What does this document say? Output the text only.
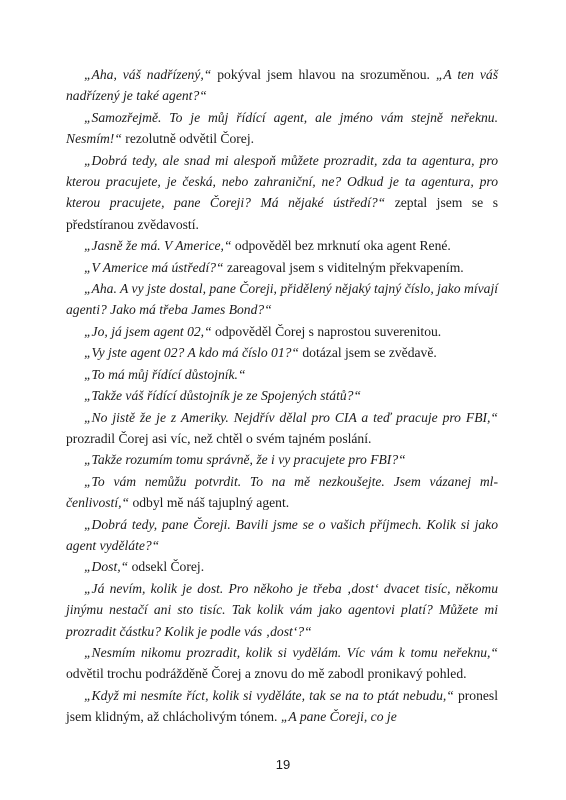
„Aha, váš nadřízený,“ pokýval jsem hlavou na srozuměnou. „A ten váš nadřízený je také agent?“

„Samozřejmě. To je můj řídící agent, ale jméno vám stejně neřeknu. Nesmím!“ rezolutně odvětil Čorej.

„Dobrá tedy, ale snad mi alespoň můžete prozradit, zda ta agentura, pro kterou pracujete, je česká, nebo zahraniční, ne? Odkud je ta agentura, pro kterou pracujete, pane Čoreji? Má nějaké ústředí?“ zeptal jsem se s předstíranou zvědavostí.

„Jasně že má. V Americe,“ odpověděl bez mrknutí oka agent René.

„V Americe má ústředí?“ zareagoval jsem s viditelným překvapením.

„Aha. A vy jste dostal, pane Čoreji, přidělený nějaký tajný číslo, jako mívají agenti? Jako má třeba James Bond?“

„Jo, já jsem agent 02,“ odpověděl Čorej s naprostou suverenitou.

„Vy jste agent 02? A kdo má číslo 01?“ dotázal jsem se zvědavě.

„To má můj řídící důstojník.“

„Takže váš řídící důstojník je ze Spojených států?“

„No jistě že je z Ameriky. Nejdřív dělal pro CIA a teď pracuje pro FBI,“ prozradil Čorej asi víc, než chtěl o svém tajném poslání.

„Takže rozumím tomu správně, že i vy pracujete pro FBI?“

„To vám nemůžu potvrdit. To na mě nezkoušejte. Jsem vázanej mlčenlivostí,“ odbyl mě náš tajuplný agent.

„Dobrá tedy, pane Čoreji. Bavili jsme se o vašich příjmech. Kolik si jako agent vyděláte?“

„Dost,“ odsekl Čorej.

„Já nevím, kolik je dost. Pro někoho je třeba ‚dost‘ dvacet tisíc, někomu jinýmu nestačí ani sto tisíc. Tak kolik vám jako agentovi platí? Můžete mi prozradit částku? Kolik je podle vás ‚dost‘?“

„Nesmím nikomu prozradit, kolik si vydělám. Víc vám k tomu neřeknu,“ odvětil trochu podrážděně Čorej a znovu do mě zabodl pronikavý pohled.

„Když mi nesmíte říct, kolik si vyděláte, tak se na to ptát nebudu,“ pronesl jsem klidným, až chlácholivým tónem. „A pane Čoreji, co je

19
